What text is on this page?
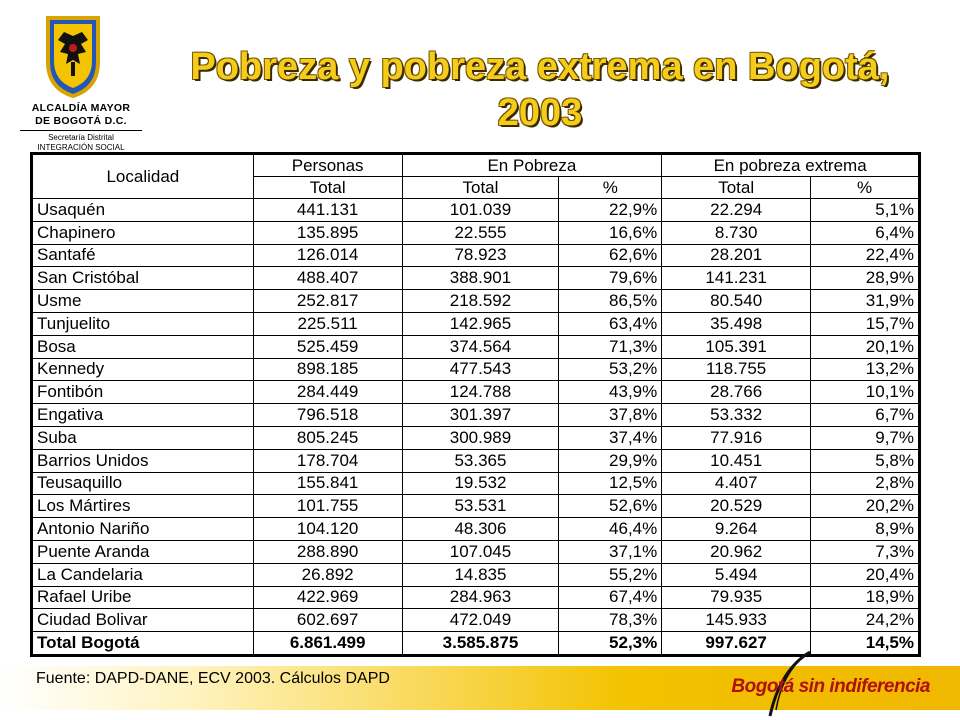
ALCALDÍA MAYOR
DE BOGOTÁ D.C.
Secretaría Distrital
INTEGRACIÓN SOCIAL
Pobreza y pobreza extrema en Bogotá,
2003
Localidad	Personas	En Pobreza		En pobreza extrema	
	Total	Total	%	Total	%
Usaquén	441.131	101.039	22,9%	22.294	5,1%
Chapinero	135.895	22.555	16,6%	8.730	6,4%
Santafé	126.014	78.923	62,6%	28.201	22,4%
San Cristóbal	488.407	388.901	79,6%	141.231	28,9%
Usme	252.817	218.592	86,5%	80.540	31,9%
Tunjuelito	225.511	142.965	63,4%	35.498	15,7%
Bosa	525.459	374.564	71,3%	105.391	20,1%
Kennedy	898.185	477.543	53,2%	118.755	13,2%
Fontibón	284.449	124.788	43,9%	28.766	10,1%
Engativa	796.518	301.397	37,8%	53.332	6,7%
Suba	805.245	300.989	37,4%	77.916	9,7%
Barrios Unidos	178.704	53.365	29,9%	10.451	5,8%
Teusaquillo	155.841	19.532	12,5%	4.407	2,8%
Los Mártires	101.755	53.531	52,6%	20.529	20,2%
Antonio Nariño	104.120	48.306	46,4%	9.264	8,9%
Puente Aranda	288.890	107.045	37,1%	20.962	7,3%
La Candelaria	26.892	14.835	55,2%	5.494	20,4%
Rafael Uribe	422.969	284.963	67,4%	79.935	18,9%
Ciudad Bolivar	602.697	472.049	78,3%	145.933	24,2%
Total Bogotá	6.861.499	3.585.875	52,3%	997.627	14,5%
Fuente: DAPD-DANE, ECV 2003. Cálculos DAPD	Bogotá sin indiferencia
